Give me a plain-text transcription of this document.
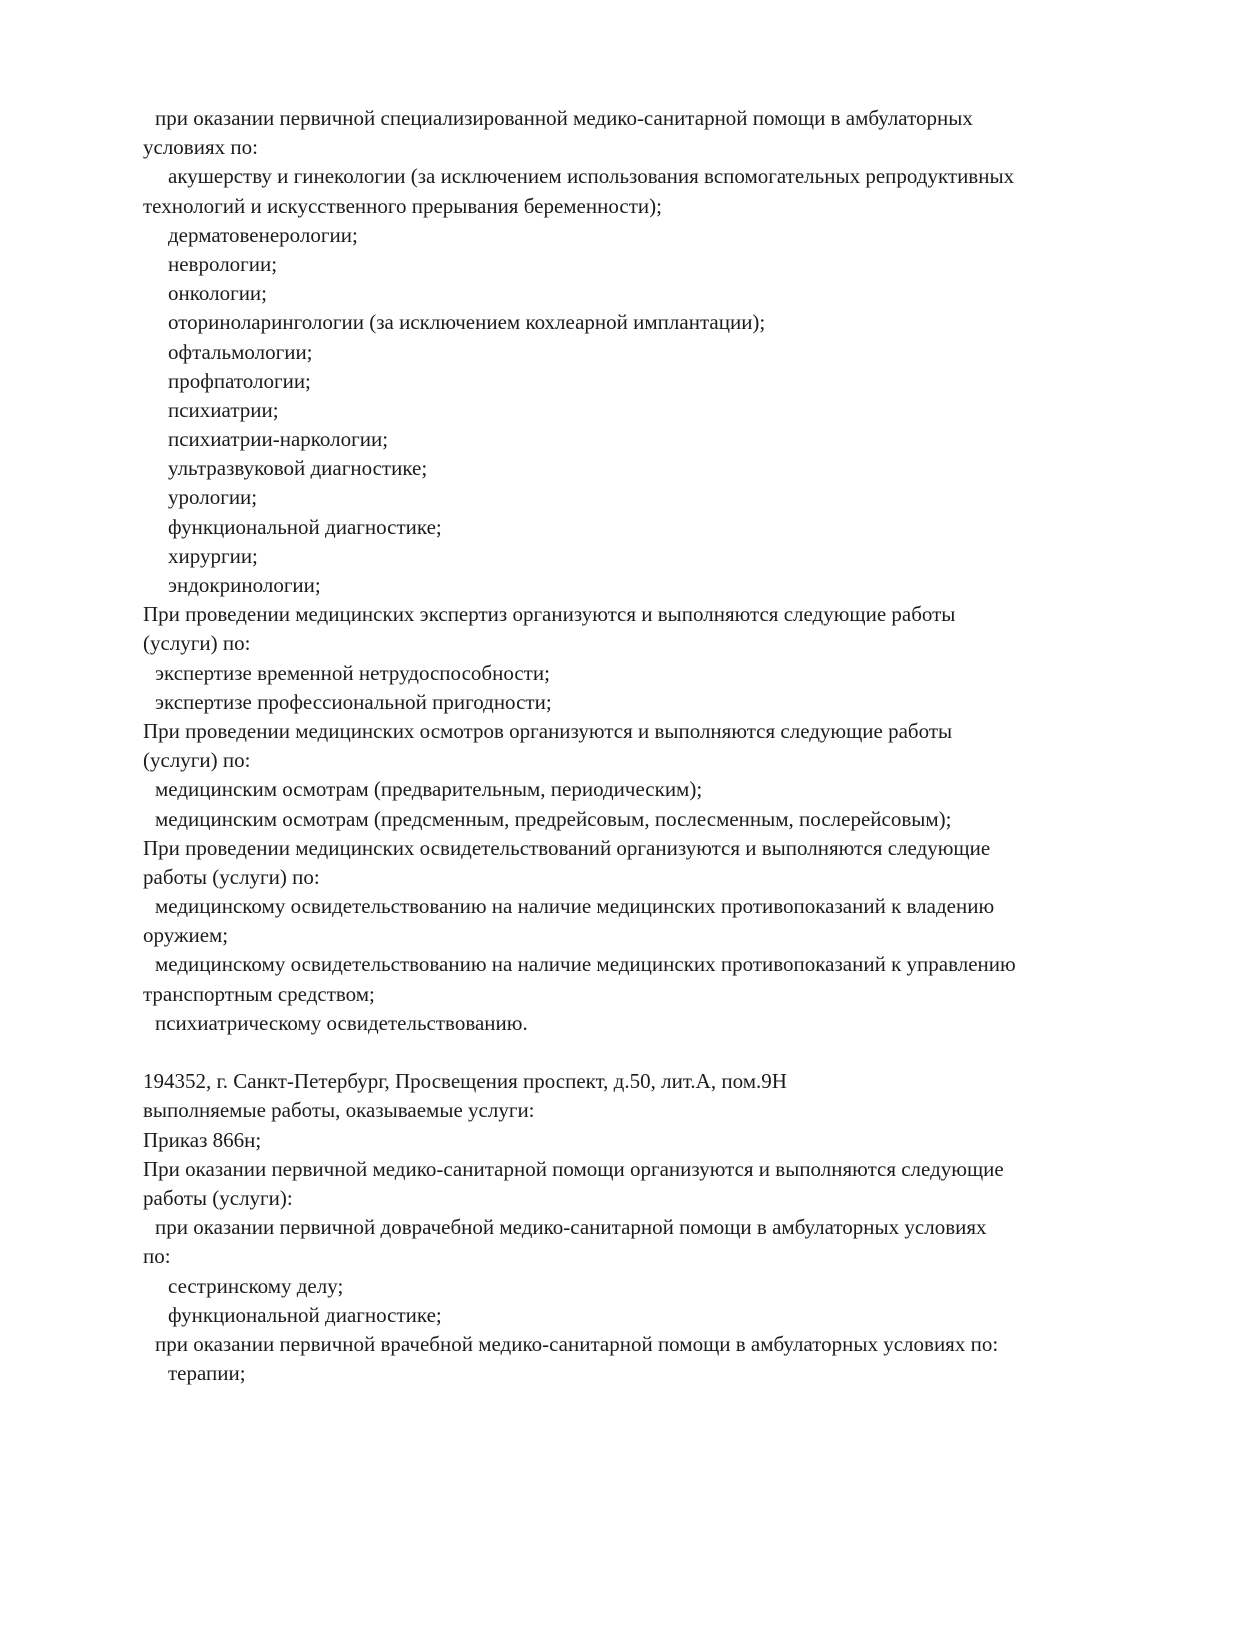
при оказании первичной специализированной медико-санитарной помощи в амбулаторных

условиях по:

акушерству и гинекологии (за исключением использования вспомогательных репродуктивных

технологий и искусственного прерывания беременности);

дерматовенерологии;

неврологии;

онкологии;

оториноларингологии (за исключением кохлеарной имплантации);

офтальмологии;

профпатологии;

психиатрии;

психиатрии-наркологии;

ультразвуковой диагностике;

урологии;

функциональной диагностике;

хирургии;

эндокринологии;

При проведении медицинских экспертиз организуются и выполняются следующие работы

(услуги) по:

экспертизе временной нетрудоспособности;

экспертизе профессиональной пригодности;

При проведении медицинских осмотров организуются и выполняются следующие работы

(услуги) по:

медицинским осмотрам (предварительным, периодическим);

медицинским осмотрам (предсменным, предрейсовым, послесменным, послерейсовым);

При проведении медицинских освидетельствований организуются и выполняются следующие

работы (услуги) по:

медицинскому освидетельствованию на наличие медицинских противопоказаний к владению

оружием;

медицинскому освидетельствованию на наличие медицинских противопоказаний к управлению

транспортным средством;

психиатрическому освидетельствованию.

194352, г. Санкт-Петербург, Просвещения проспект, д.50, лит.А, пом.9Н

выполняемые работы, оказываемые услуги:

Приказ 866н;

При оказании первичной медико-санитарной помощи организуются и выполняются следующие

работы (услуги):

при оказании первичной доврачебной медико-санитарной помощи в амбулаторных условиях

по:

сестринскому делу;

функциональной диагностике;

при оказании первичной врачебной медико-санитарной помощи в амбулаторных условиях по:

терапии;
